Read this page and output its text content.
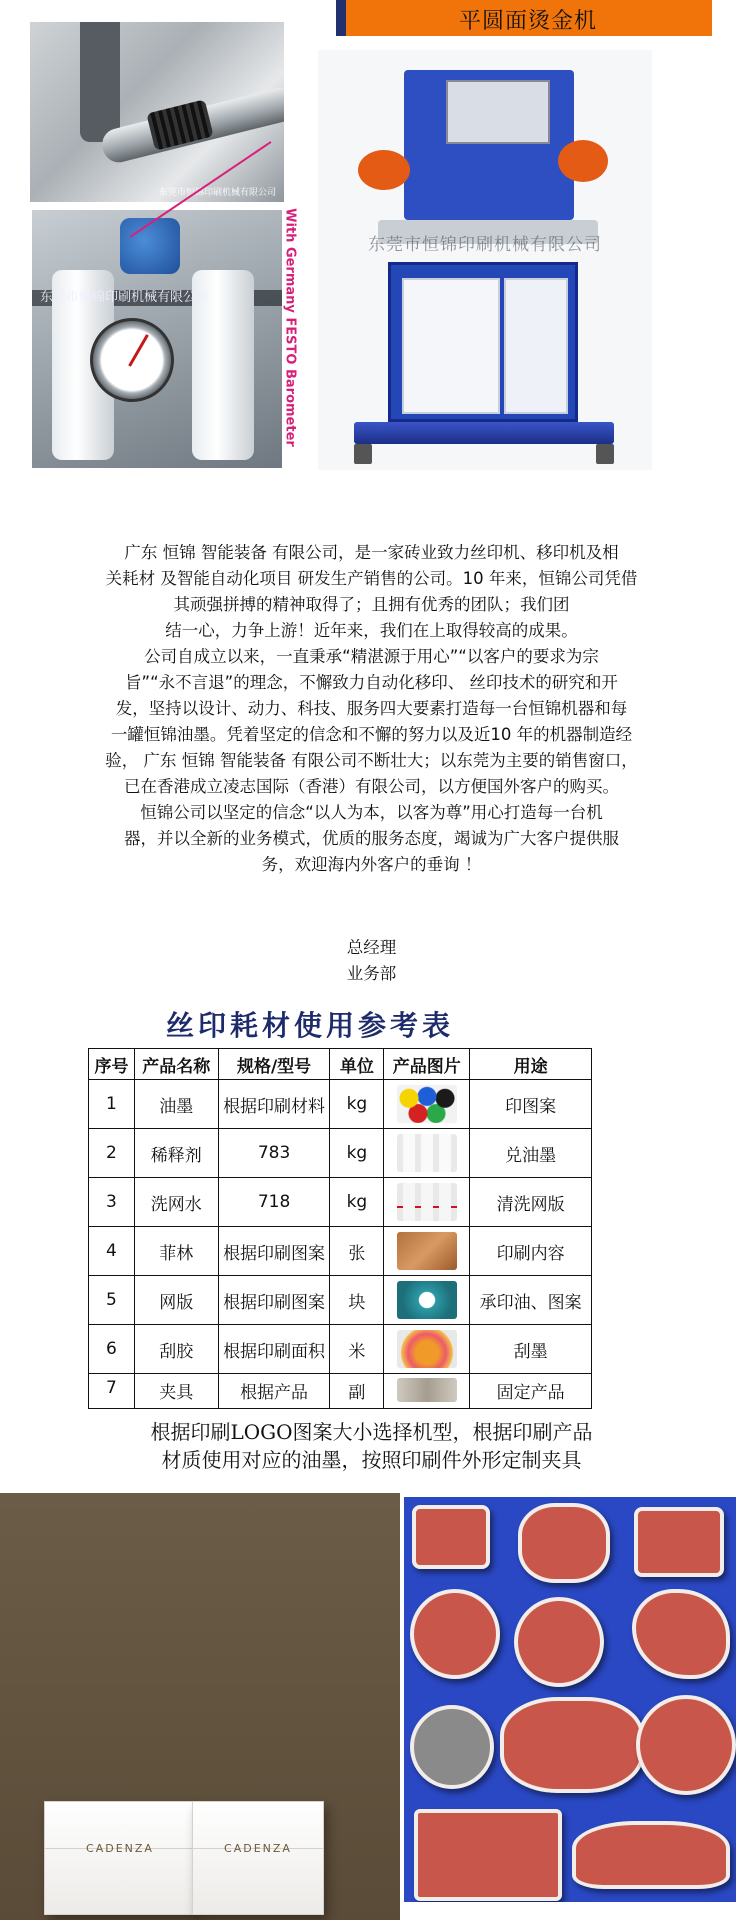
平圆面烫金机
东莞市恒锦印刷机械有限公司
东莞市恒锦印刷机械有限公司	With Germany FESTO Barometer	东莞市恒锦印刷机械有限公司

广东 恒锦 智能装备 有限公司，是一家砖业致力丝印机、移印机及相

关耗材 及智能自动化项目 研发生产销售的公司。10 年来，恒锦公司凭借

其顽强拼搏的精神取得了；且拥有优秀的团队；我们团

结一心，力争上游！近年来，我们在上取得较高的成果。

公司自成立以来，一直秉承“精湛源于用心”“以客户的要求为宗

旨”“永不言退”的理念，不懈致力自动化移印、 丝印技术的研究和开

发，坚持以设计、动力、科技、服务四大要素打造每一台恒锦机器和每

一罐恒锦油墨。凭着坚定的信念和不懈的努力以及近10 年的机器制造经

验， 广东 恒锦 智能装备 有限公司不断壮大；以东莞为主要的销售窗口，

已在香港成立凌志国际（香港）有限公司，以方便国外客户的购买。

恒锦公司以坚定的信念“以人为本，以客为尊”用心打造每一台机

器，并以全新的业务模式，优质的服务态度，竭诚为广大客户提供服

务，欢迎海内外客户的垂询 ！

总经理
业务部
丝印耗材使用参考表
序号	产品名称	规格/型号	单位	产品图片	用途
1	油墨	根据印刷材料	kg		印图案
2	稀释剂	783	kg		兑油墨
3	洗网水	718	kg		清洗网版
4	菲林	根据印刷图案	张		印刷内容
5	网版	根据印刷图案	块		承印油、图案
6	刮胶	根据印刷面积	米		刮墨
7	夹具	根据产品	副		固定产品
根据印刷LOGO图案大小选择机型，根据印刷产品
材质使用对应的油墨，按照印刷件外形定制夹具
CADENZA	CADENZA
